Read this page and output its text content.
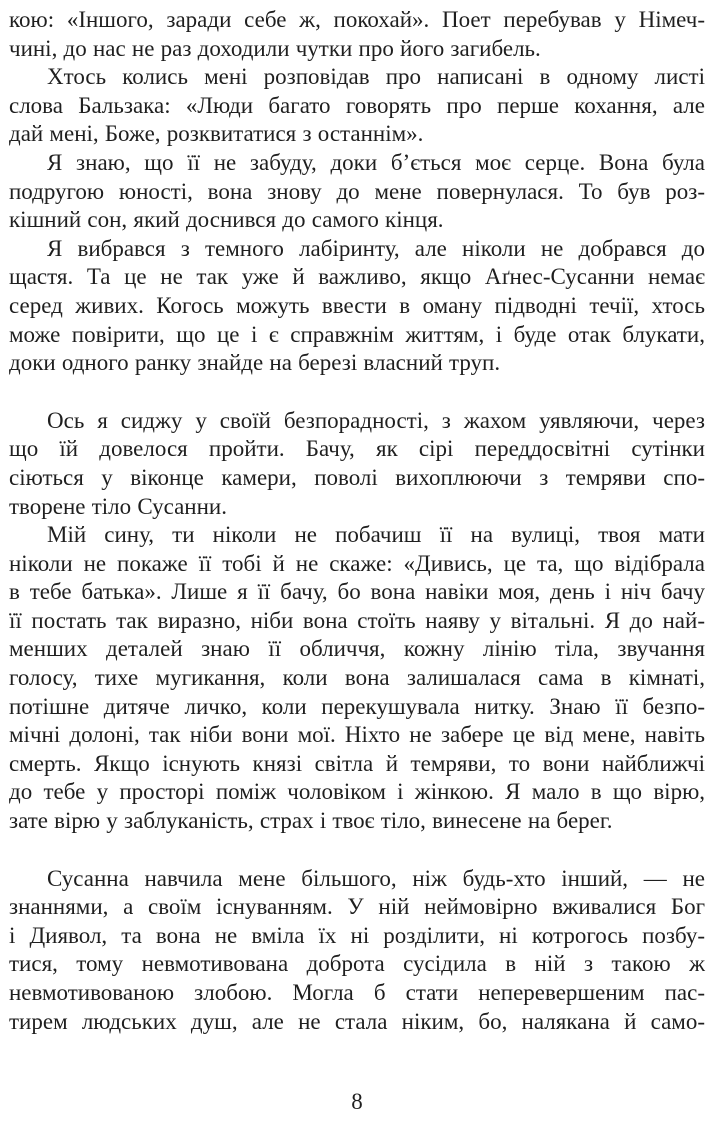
кою: «Іншого, заради себе ж, покохай». Поет перебував у Німеч-
чині, до нас не раз доходили чутки про його загибель.
Хтось колись мені розповідав про написані в одному листі
слова Бальзака: «Люди багато говорять про перше кохання, але
дай мені, Боже, розквитатися з останнім».
Я знаю, що її не забуду, доки б’ється моє серце. Вона була
подругою юності, вона знову до мене повернулася. То був роз-
кішний сон, який доснився до самого кінця.
Я вибрався з темного лабіринту, але ніколи не добрався до
щастя. Та це не так уже й важливо, якщо Аґнес-Сусанни немає
серед живих. Когось можуть ввести в оману підводні течії, хтось
може повірити, що це і є справжнім життям, і буде отак блукати,
доки одного ранку знайде на березі власний труп.
Ось я сиджу у своїй безпорадності, з жахом уявляючи, через
що їй довелося пройти. Бачу, як сірі переддосвітні сутінки
сіються у віконце камери, поволі вихоплюючи з темряви спо-
творене тіло Сусанни.
Мій сину, ти ніколи не побачиш її на вулиці, твоя мати
ніколи не покаже її тобі й не скаже: «Дивись, це та, що відібрала
в тебе батька». Лише я її бачу, бо вона навіки моя, день і ніч бачу
її постать так виразно, ніби вона стоїть наяву у вітальні. Я до най-
менших деталей знаю її обличчя, кожну лінію тіла, звучання
голосу, тихе мугикання, коли вона залишалася сама в кімнаті,
потішне дитяче личко, коли перекушувала нитку. Знаю її безпо-
мічні долоні, так ніби вони мої. Ніхто не забере це від мене, навіть
смерть. Якщо існують князі світла й темряви, то вони найближчі
до тебе у просторі поміж чоловіком і жінкою. Я мало в що вірю,
зате вірю у заблуканість, страх і твоє тіло, винесене на берег.
Сусанна навчила мене більшого, ніж будь-хто інший, — не
знаннями, а своїм існуванням. У ній неймовірно вживалися Бог
і Диявол, та вона не вміла їх ні розділити, ні котрогось позбу-
тися, тому невмотивована доброта сусідила в ній з такою ж
невмотивованою злобою. Могла б стати неперевершеним пас-
тирем людських душ, але не стала ніким, бо, налякана й само-
8
